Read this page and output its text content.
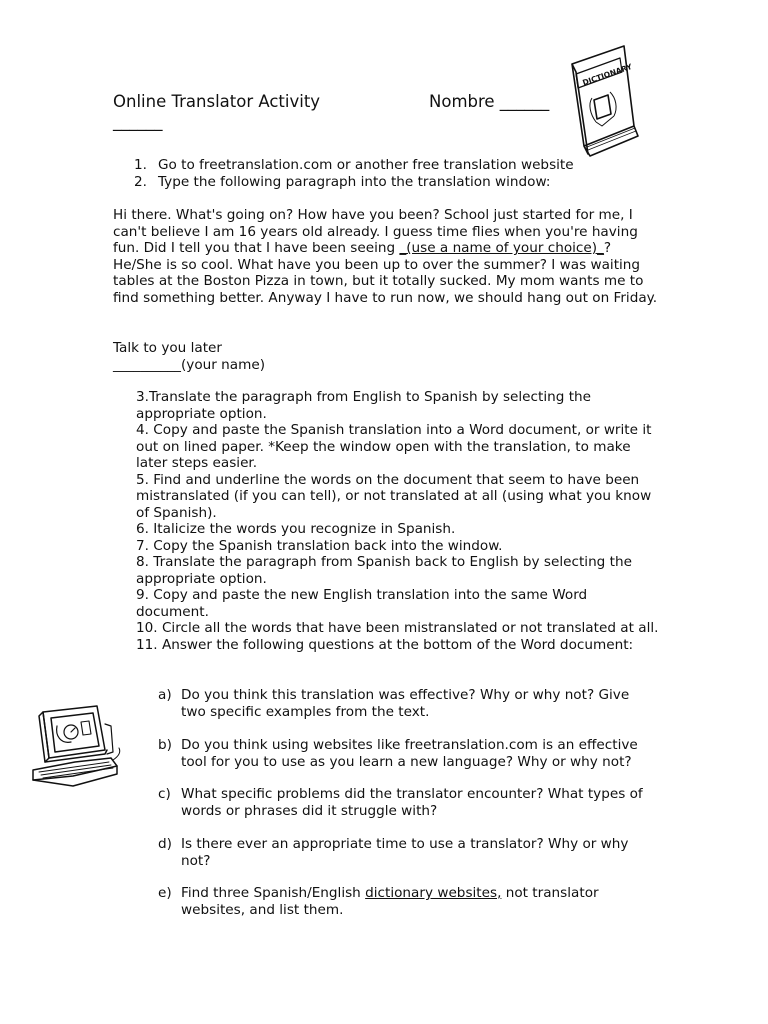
Online Translator Activity	Nombre ______
______
DICTIONARY
1. Go to freetranslation.com or another free translation website
2. Type the following paragraph into the translation window:
Hi there. What's going on? How have you been? School just started for me, I can't believe I am 16 years old already. I guess time flies when you're having fun. Did I tell you that I have been seeing _(use a name of your choice)_? He/She is so cool. What have you been up to over the summer? I was waiting tables at the Boston Pizza in town, but it totally sucked. My mom wants me to find something better. Anyway I have to run now, we should hang out on Friday.
Talk to you later
__________(your name)
3.Translate the paragraph from English to Spanish by selecting the appropriate option.
4. Copy and paste the Spanish translation into a Word document, or write it out on lined paper. *Keep the window open with the translation, to make later steps easier.
5. Find and underline the words on the document that seem to have been mistranslated (if you can tell), or not translated at all (using what you know of Spanish).
6. Italicize the words you recognize in Spanish.
7. Copy the Spanish translation back into the window.
8. Translate the paragraph from Spanish back to English by selecting the appropriate option.
9. Copy and paste the new English translation into the same Word document.
10. Circle all the words that have been mistranslated or not translated at all.
11. Answer the following questions at the bottom of the Word document:
a) Do you think this translation was effective? Why or why not? Give two specific examples from the text.
b) Do you think using websites like freetranslation.com is an effective tool for you to use as you learn a new language? Why or why not?
c) What specific problems did the translator encounter? What types of words or phrases did it struggle with?
d) Is there ever an appropriate time to use a translator? Why or why not?
e) Find three Spanish/English dictionary websites, not translator websites, and list them.
